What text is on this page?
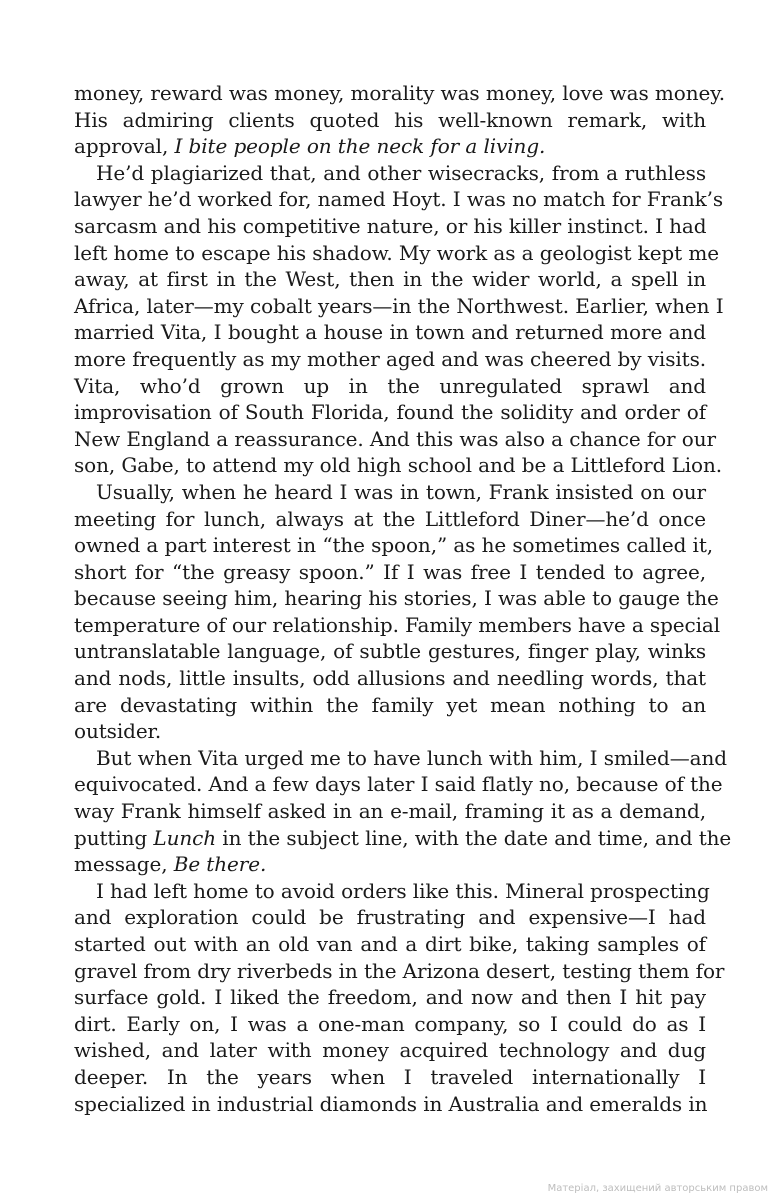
money, reward was money, morality was money, love was money.
His admiring clients quoted his well-known remark, with
approval, I bite people on the neck for a living.
He’d plagiarized that, and other wisecracks, from a ruthless
lawyer he’d worked for, named Hoyt. I was no match for Frank’s
sarcasm and his competitive nature, or his killer instinct. I had
left home to escape his shadow. My work as a geologist kept me
away, at first in the West, then in the wider world, a spell in
Africa, later—my cobalt years—in the Northwest. Earlier, when I
married Vita, I bought a house in town and returned more and
more frequently as my mother aged and was cheered by visits.
Vita, who’d grown up in the unregulated sprawl and
improvisation of South Florida, found the solidity and order of
New England a reassurance. And this was also a chance for our
son, Gabe, to attend my old high school and be a Littleford Lion.
Usually, when he heard I was in town, Frank insisted on our
meeting for lunch, always at the Littleford Diner—he’d once
owned a part interest in “the spoon,” as he sometimes called it,
short for “the greasy spoon.” If I was free I tended to agree,
because seeing him, hearing his stories, I was able to gauge the
temperature of our relationship. Family members have a special
untranslatable language, of subtle gestures, finger play, winks
and nods, little insults, odd allusions and needling words, that
are devastating within the family yet mean nothing to an
outsider.
But when Vita urged me to have lunch with him, I smiled—and
equivocated. And a few days later I said flatly no, because of the
way Frank himself asked in an e-mail, framing it as a demand,
putting Lunch in the subject line, with the date and time, and the
message, Be there.
I had left home to avoid orders like this. Mineral prospecting
and exploration could be frustrating and expensive—I had
started out with an old van and a dirt bike, taking samples of
gravel from dry riverbeds in the Arizona desert, testing them for
surface gold. I liked the freedom, and now and then I hit pay
dirt. Early on, I was a one-man company, so I could do as I
wished, and later with money acquired technology and dug
deeper. In the years when I traveled internationally I
specialized in industrial diamonds in Australia and emeralds in
Матеріал, захищений авторським правом
